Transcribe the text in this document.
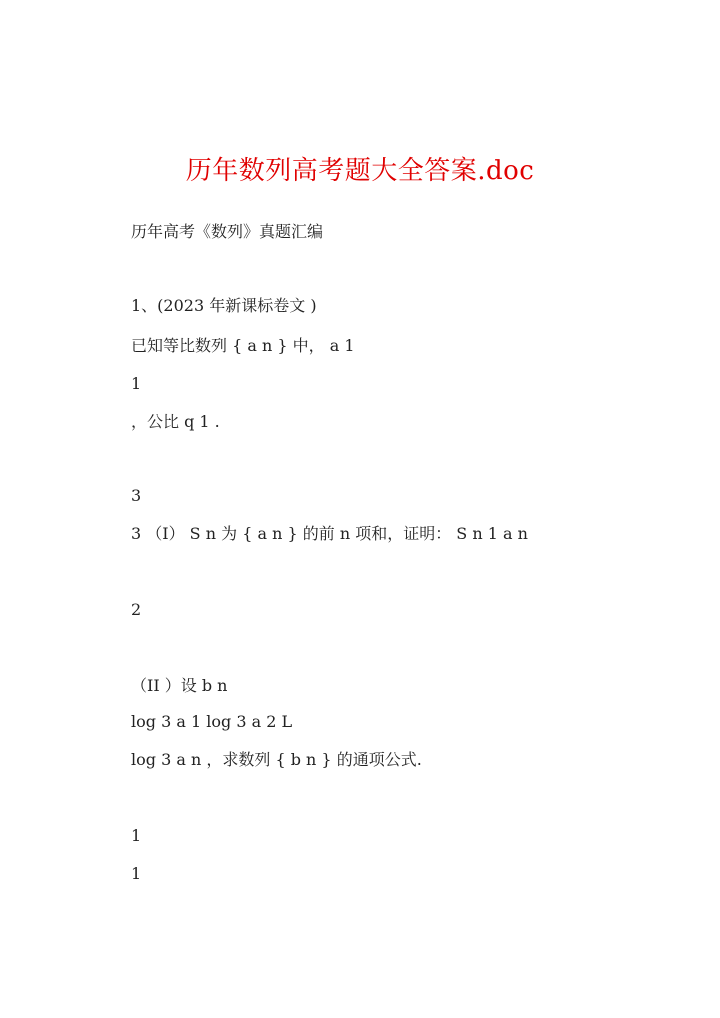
历年数列高考题大全答案.doc
历年高考《数列》真题汇编
1、(2023 年新课标卷文 )
已知等比数列 { a n } 中， a 1
1
，公比 q 1 .
3
3 （Ⅰ） S n 为 { a n } 的前 n 项和，证明： S n 1 a n
2
（II ）设 b n
log 3 a 1 log 3 a 2 L
log 3 a n ，求数列 { b n } 的通项公式.
1
1
